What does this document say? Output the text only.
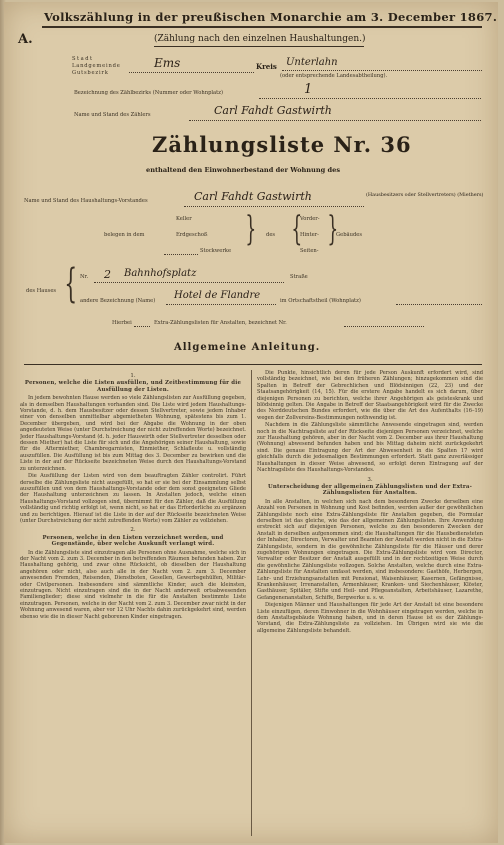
Volkszählung in der preußischen Monarchie am 3. December 1867.
A.	(Zählung nach den einzelnen Haushaltungen.)
Stadt
Landgemeinde
Gutsbezirk
Ems	Kreis Unterlahn
(oder entsprechende Landesabtheilung).
Bezeichnung des Zählbezirks (Nummer oder Wohnplatz)	1
Name und Stand des Zählers	Carl Fahdt Gastwirth
Zählungsliste Nr. 36
enthaltend den Einwohnerbestand der Wohnung des
Name und Stand des Haushaltungs-Vorstandes	Carl Fahdt Gastwirth	(Hausbesitzers oder Stellvertreters) (Miethers)
Keller
belegen in dem	Erdgeschoß
Stockwerke
} des {
Vorder-
Hinter-
Seiten-
}
Gebäudes
des Hauses { Nr. 2 Bahnhofsplatz	Straße
andere Bezeichnung (Name) Hotel de Flandre	im Ortschaftstheil (Wohnplatz)
Hierbei	Extra-Zählungslisten für Anstalten, bezeichnet Nr.
Allgemeine Anleitung.
1.
Personen, welche die Listen ausfüllen, und Zeitbestimmung für die Ausfüllung der Listen.

In jedem bewohnten Hause werden so viele Zählungslisten zur Ausfüllung gegeben, als in demselben Haushaltungen vorhanden sind. Die Liste wird jedem Haushaltungs-Vorstande, d. h. dem Hausbesitzer oder dessen Stellvertreter, sowie jedem Inhaber einer von denselben unmittelbar abgemietheten Wohnung, spätestens bis zum 1. December übergeben, und wird bei der Abgabe die Wohnung in der oben angedeuteten Weise (unter Durchstreichung der nicht zutreffenden Worte) bezeichnet. Jeder Haushaltungs-Vorstand (d. h. jeder Hauswirth oder Stellvertreter desselben oder dessen Miether) hat die Liste für sich und die Angehörigen seiner Haushaltung, sowie für die Aftermiether, Chambregarnisten, Einmiether, Schlafleute u. vollständig auszufüllen. Die Ausfüllung ist bis zum Mittag des 3. December zu bewirken und die Liste in der auf der Rückseite bezeichneten Weise durch den Haushaltungs-Vorstand zu unterzeichnen.

Die Ausfüllung der Listen wird von dem beauftragten Zähler controlirt. Führt derselbe die Zählungsliste nicht ausgefüllt, so hat er sie bei der Einsammlung selbst auszufüllen und von dem Haushaltungs-Vorstande oder dem sonst geeigneten Gliede der Haushaltung unterzeichnen zu lassen. In Anstalten jedoch, welche einen Haushaltungs-Vorstand vollzogen sind, übernimmt für den Zähler, daß die Ausfüllung vollständig und richtig erfolgt ist, wenn nicht, so hat er das Erforderliche zu ergänzen und zu berichtigen. Hierauf ist die Liste in der auf der Rückseite bezeichneten Weise (unter Durchstreichung der nicht zutreffenden Worte) vom Zähler zu vollziehen.

2.
Personen, welche in den Listen verzeichnet werden, und Gegenstände, über welche Auskunft verlangt wird.

In die Zählungsliste sind einzutragen alle Personen ohne Ausnahme, welche sich in der Nacht vom 2. zum 3. December in den betreffenden Räumen befunden haben. Zur Haushaltung gehörig, und zwar ohne Rücksicht, ob dieselben der Haushaltung angehören oder nicht, also auch alle in der Nacht vom 2. zum 3. December anwesenden Fremden, Reisenden, Dienstboten, Gesellen, Gewerbsgehülfen, Militär- oder Civilpersonen. Insbesondere sind sämmtliche Kinder, auch die kleinsten, einzutragen. Nicht einzutragen sind die in der Nacht anderweit ortsabwesenden Familienglieder; diese sind vielmehr in die für die Anstalten bestimmte Liste einzutragen. Personen, welche in der Nacht vom 2. zum 3. December zwar nicht in der Wohnung anwesend waren, aber vor 12 Uhr Nachts dahin zurückgekehrt sind, werden ebenso wie die in dieser Nacht geborenen Kinder eingetragen.

Die Punkte, hinsichtlich deren für jede Person Auskunft erfordert wird, sind vollständig bezeichnet, wie bei den früheren Zählungen; hinzugekommen sind die Spalten in Betreff der Gebrechlichen und Blödsinnigen (22, 23) und der Staatsangehörigkeit (14, 15). Für die erstere Angabe handelt es sich darum, über diejenigen Personen zu berichten, welche ihrer Angehörigen als geisteskrank und blödsinnig gelten. Die Angabe in Betreff der Staatsangehörigkeit wird für die Zwecke des Norddeutschen Bundes erfordert, wie die über die Art des Aufenthalts (16–19) wegen der Zollvereins-Bestimmungen nothwendig ist.

Nachdem in die Zählungsliste sämmtliche Anwesende eingetragen sind, werden noch in die Nachtragsliste auf der Rückseite diejenigen Personen verzeichnet, welche zur Haushaltung gehören, aber in der Nacht vom 2. December aus ihrer Haushaltung (Wohnung) abwesend befunden haben und bis Mittag daheim nicht zurückgekehrt sind. Die genaue Eintragung der Art der Abwesenheit in die Spalten 17 wird gleichfalls durch die jedesmaligen Bestimmungen erfordert. Statt ganz zuverlässiger Haushaltungen in dieser Weise abwesend, so erfolgt deren Eintragung auf der Nachtragsliste des Haushaltungs-Vorstandes.

3.
Unterscheidung der allgemeinen Zählungslisten und der Extra-Zählungslisten für Anstalten.

In alle Anstalten, in welchen sich nach dem besonderen Zwecke derselben eine Anzahl von Personen in Wohnung und Kost befinden, werden außer der gewöhnlichen Zählungsliste noch eine Extra-Zählungsliste für Anstalten gegeben, die Formular derselben ist das gleiche, wie das der allgemeinen Zählungslisten. Ihre Anwendung erstreckt sich auf diejenigen Personen, welche zu den besonderen Zwecken der Anstalt in derselben aufgenommen sind; die Haushaltungen für die Hausbediensteten der Inhaber, Directoren, Verwalter und Beamten der Anstalt werden nicht in die Extra-Zählungsliste, sondern in die gewöhnliche Zählungsliste für die Häuser und derer zugehörigen Wohnungen eingetragen. Die Extra-Zählungsliste wird vom Director, Verwalter oder Besitzer der Anstalt ausgefüllt und in der rechtzeitigen Weise durch die gewöhnliche Zählungsliste vollzogen. Solche Anstalten, welche durch eine Extra-Zählungsliste für Anstalten umfasst werden, sind insbesondere: Gasthöfe, Herbergen, Lehr- und Erziehungsanstalten mit Pensionat, Waisenhäuser, Kasernen, Gefängnisse, Krankenhäuser, Irrenanstalten, Armenhäuser, Kranken- und Siechenhäuser, Klöster, Gasthäuser, Spitäler, Stifte und Heil- und Pflegeanstalten, Arbeitshäuser, Lazarethe, Gefangenenanstalten, Schiffe, Bergwerke u. s. w.

Diejenigen Männer und Haushaltungen für jede Art der Anstalt ist eine besondere Liste einzufügen, deren Einwohner in die Wohnhäuser eingetragen werden, welche in dem Anstaltsgebäude Wohnung haben, und in deren Hause ist es der Zählungs-Vorstand, die Extra-Zählungsliste zu vollziehen. Im Übrigen wird sie wie die allgemeine Zählungsliste behandelt.
